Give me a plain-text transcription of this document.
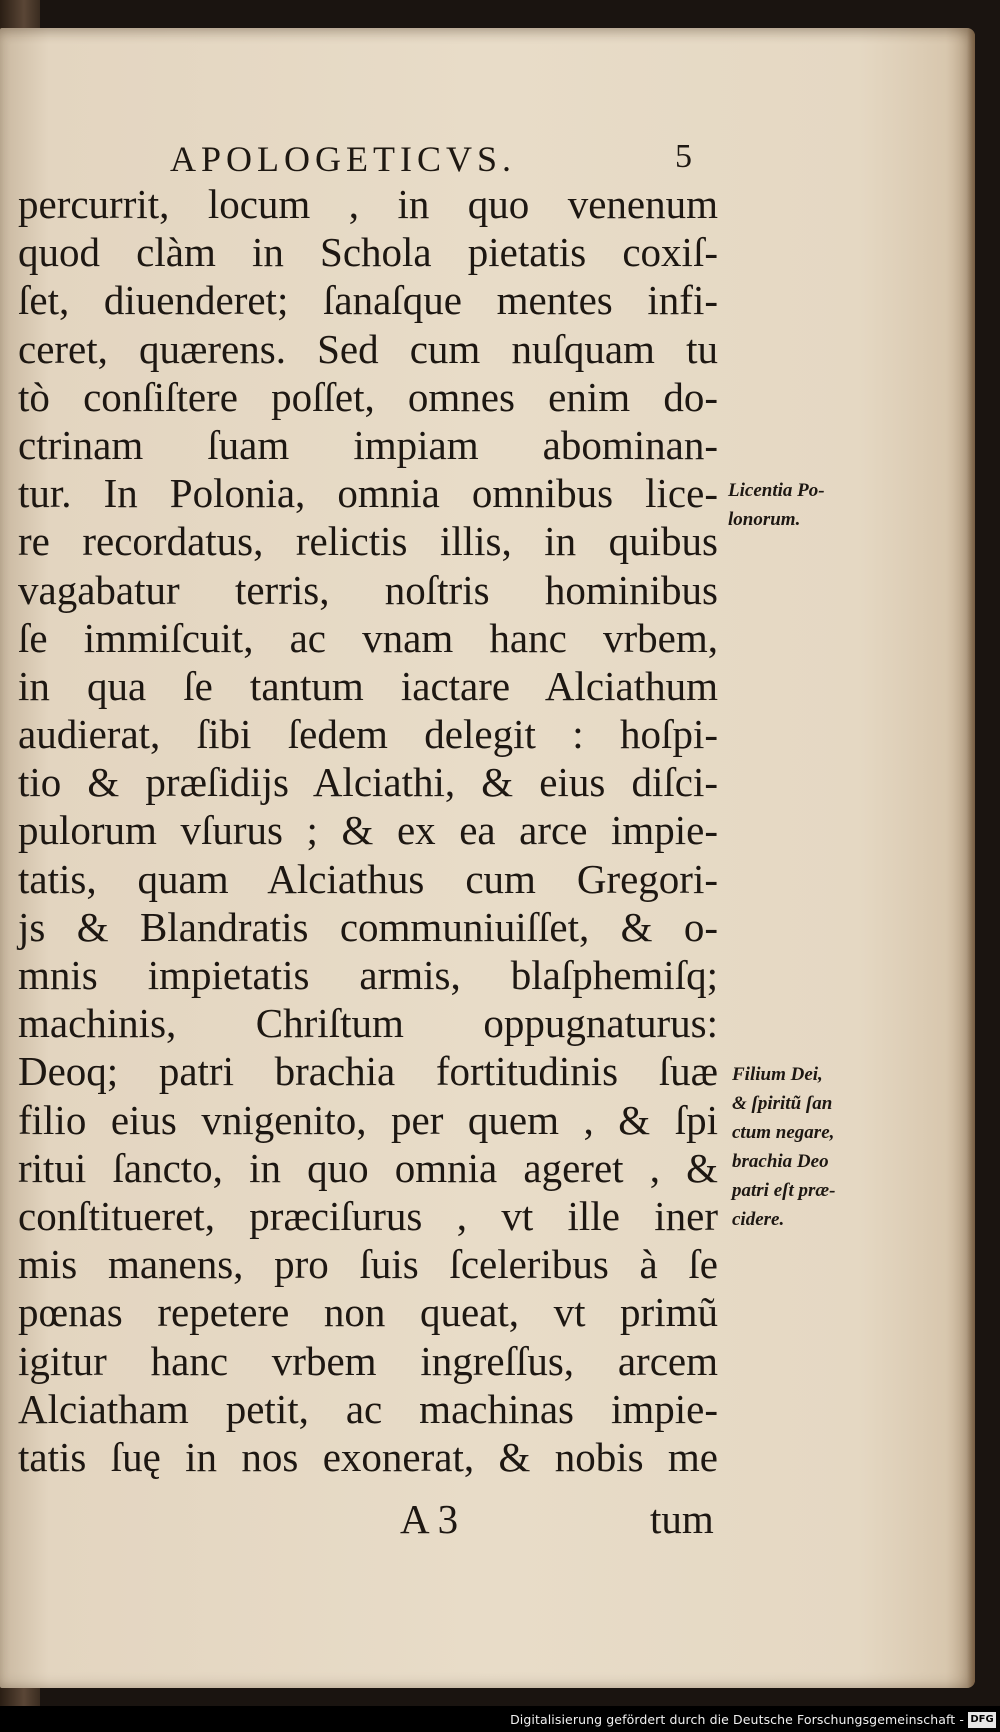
APOLOGETICVS.	5
percurrit, locum , in quo venenum
quod clàm in Schola pietatis coxiſ-
ſet, diuenderet; ſanaſque mentes infi-
ceret, quærens. Sed cum nuſquam tu
tò conſiſtere poſſet, omnes enim do-
ctrinam ſuam impiam abominan-
tur. In Polonia, omnia omnibus lice-
re recordatus, relictis illis, in quibus
vagabatur terris, noſtris hominibus
ſe immiſcuit, ac vnam hanc vrbem,
in qua ſe tantum iactare Alciathum
audierat, ſibi ſedem delegit : hoſpi-
tio & præſidijs Alciathi, & eius diſci-
pulorum vſurus ; & ex ea arce impie-
tatis, quam Alciathus cum Gregori-
js & Blandratis communiuiſſet, & o-
mnis impietatis armis, blaſphemiſq;
machinis, Chriſtum oppugnaturus:
Deoq; patri brachia fortitudinis ſuæ
filio eius vnigenito, per quem , & ſpi
ritui ſancto, in quo omnia ageret , &
conſtitueret, præciſurus , vt ille iner
mis manens, pro ſuis ſceleribus à ſe
pœnas repetere non queat, vt primũ
igitur hanc vrbem ingreſſus, arcem
Alciatham petit, ac machinas impie-
tatis ſuę in nos exonerat, & nobis me
Licentia Po-
lonorum.
Filium Dei,
& ſpiritũ ſan
ctum negare,
brachia Deo
patri eſt præ-
cidere.
A 3	tum
Digitalisierung gefördert durch die Deutsche Forschungsgemeinschaft - DFG
